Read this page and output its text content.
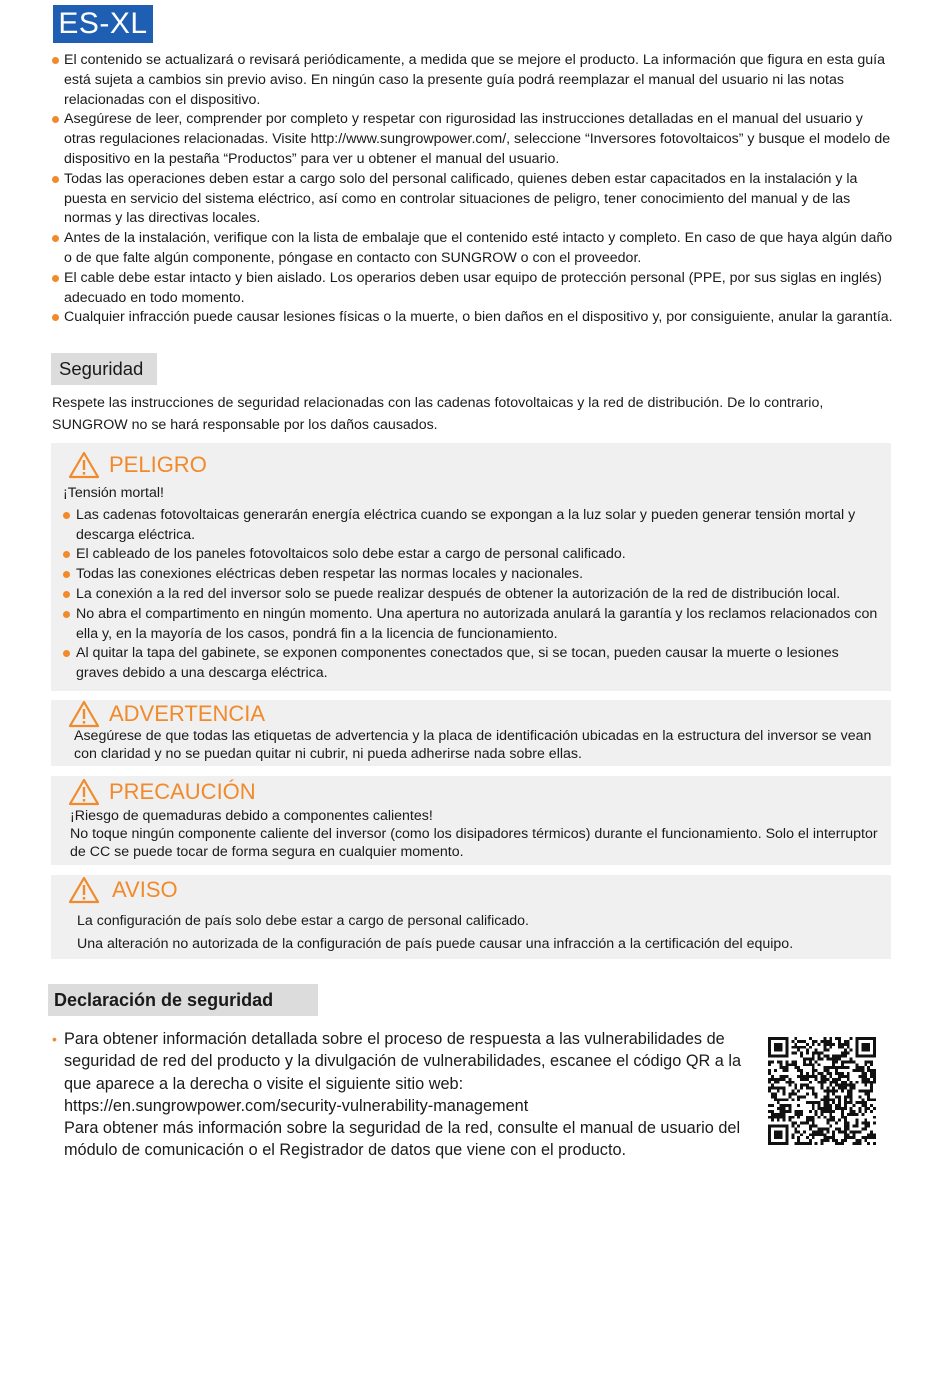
ES-XL
El contenido se actualizará o revisará periódicamente, a medida que se mejore el producto. La información que figura en esta guía está sujeta a cambios sin previo aviso. En ningún caso la presente guía podrá reemplazar el manual del usuario ni las notas relacionadas con el dispositivo.
Asegúrese de leer, comprender por completo y respetar con rigurosidad las instrucciones detalladas en el manual del usuario y otras regulaciones relacionadas. Visite http://www.sungrowpower.com/, seleccione “Inversores fotovoltaicos” y busque el modelo de dispositivo en la pestaña “Productos” para ver u obtener el manual del usuario.
Todas las operaciones deben estar a cargo solo del personal calificado, quienes deben estar capacitados en la instalación y la puesta en servicio del sistema eléctrico, así como en controlar situaciones de peligro, tener conocimiento del manual y de las normas y las directivas locales.
Antes de la instalación, verifique con la lista de embalaje que el contenido esté intacto y completo. En caso de que haya algún daño o de que falte algún componente, póngase en contacto con SUNGROW o con el proveedor.
El cable debe estar intacto y bien aislado. Los operarios deben usar equipo de protección personal (PPE, por sus siglas en inglés) adecuado en todo momento.
Cualquier infracción puede causar lesiones físicas o la muerte, o bien daños en el dispositivo y, por consiguiente, anular la garantía.
Seguridad

Respete las instrucciones de seguridad relacionadas con las cadenas fotovoltaicas y la red de distribución. De lo contrario, SUNGROW no se hará responsable por los daños causados.

PELIGRO

¡Tensión mortal!

Las cadenas fotovoltaicas generarán energía eléctrica cuando se expongan a la luz solar y pueden generar tensión mortal y descarga eléctrica.
El cableado de los paneles fotovoltaicos solo debe estar a cargo de personal calificado.
Todas las conexiones eléctricas deben respetar las normas locales y nacionales.
La conexión a la red del inversor solo se puede realizar después de obtener la autorización de la red de distribución local.
No abra el compartimento en ningún momento. Una apertura no autorizada anulará la garantía y los reclamos relacionados con ella y, en la mayoría de los casos, pondrá fin a la licencia de funcionamiento.
Al quitar la tapa del gabinete, se exponen componentes conectados que, si se tocan, pueden causar la muerte o lesiones graves debido a una descarga eléctrica.
ADVERTENCIA

Asegúrese de que todas las etiquetas de advertencia y la placa de identificación ubicadas en la estructura del inversor se vean con claridad y no se puedan quitar ni cubrir, ni pueda adherirse nada sobre ellas.

PRECAUCIÓN

¡Riesgo de quemaduras debido a componentes calientes!

No toque ningún componente caliente del inversor (como los disipadores térmicos) durante el funcionamiento. Solo el interruptor de CC se puede tocar de forma segura en cualquier momento.

AVISO

La configuración de país solo debe estar a cargo de personal calificado.

Una alteración no autorizada de la configuración de país puede causar una infracción a la certificación del equipo.

Declaración de seguridad
• Para obtener información detallada sobre el proceso de respuesta a las vulnerabilidades de seguridad de red del producto y la divulgación de vulnerabilidades, escanee el código QR a la que aparece a la derecha o visite el siguiente sitio web:

https://en.sungrowpower.com/security-vulnerability-management

Para obtener más información sobre la seguridad de la red, consulte el manual de usuario del módulo de comunicación o el Registrador de datos que viene con el producto.
